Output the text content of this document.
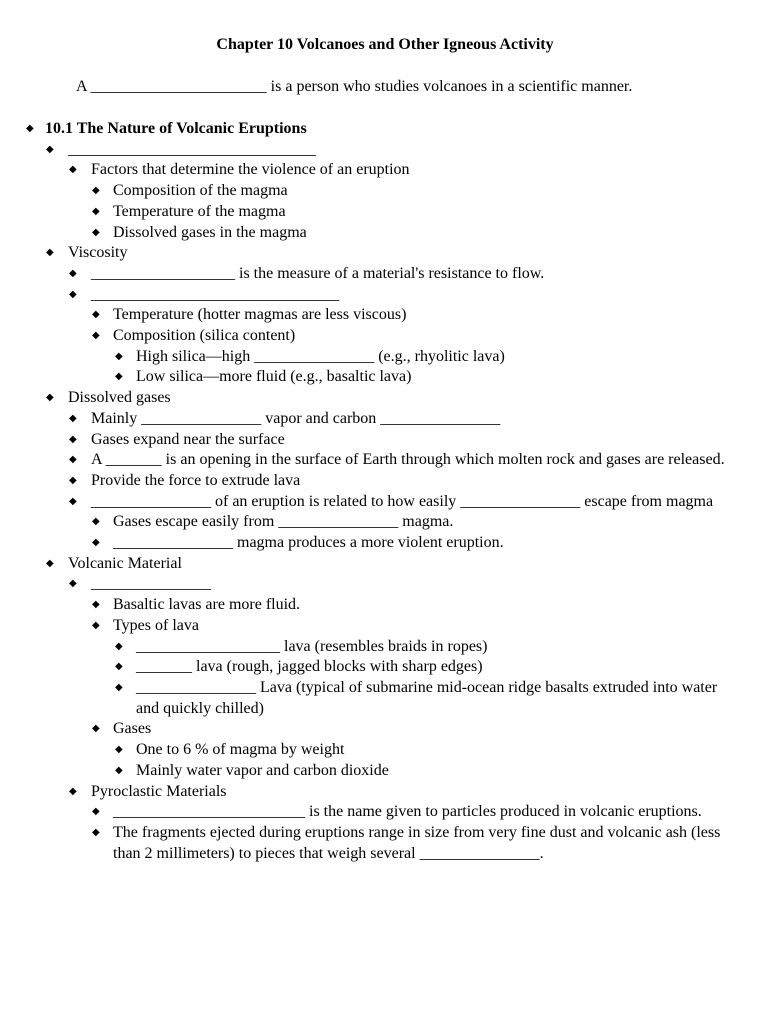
Chapter 10 Volcanoes and Other Igneous Activity
A ______________________ is a person who studies volcanoes in a scientific manner.
◆ 10.1 The Nature of Volcanic Eruptions
◆ _______________________________
◆ Factors that determine the violence of an eruption
◆ Composition of the magma
◆ Temperature of the magma
◆ Dissolved gases in the magma
◆ Viscosity
◆ __________________ is the measure of a material's resistance to flow.
◆ _______________________________
◆ Temperature (hotter magmas are less viscous)
◆ Composition (silica content)
◆ High silica—high _______________ (e.g., rhyolitic lava)
◆ Low silica—more fluid (e.g., basaltic lava)
◆ Dissolved gases
◆ Mainly _______________ vapor and carbon _______________
◆ Gases expand near the surface
◆ A _______ is an opening in the surface of Earth through which molten rock and gases are released.
◆ Provide the force to extrude lava
◆ _______________ of an eruption is related to how easily _______________ escape from magma
◆ Gases escape easily from _______________ magma.
◆ _______________ magma produces a more violent eruption.
◆ Volcanic Material
◆ _______________
◆ Basaltic lavas are more fluid.
◆ Types of lava
◆ __________________ lava (resembles braids in ropes)
◆ _______ lava (rough, jagged blocks with sharp edges)
◆ _______________ Lava (typical of submarine mid-ocean ridge basalts extruded into water and quickly chilled)
◆ Gases
◆ One to 6 % of magma by weight
◆ Mainly water vapor and carbon dioxide
◆ Pyroclastic Materials
◆ ________________________ is the name given to particles produced in volcanic eruptions.
◆ The fragments ejected during eruptions range in size from very fine dust and volcanic ash (less than 2 millimeters) to pieces that weigh several _______________.
